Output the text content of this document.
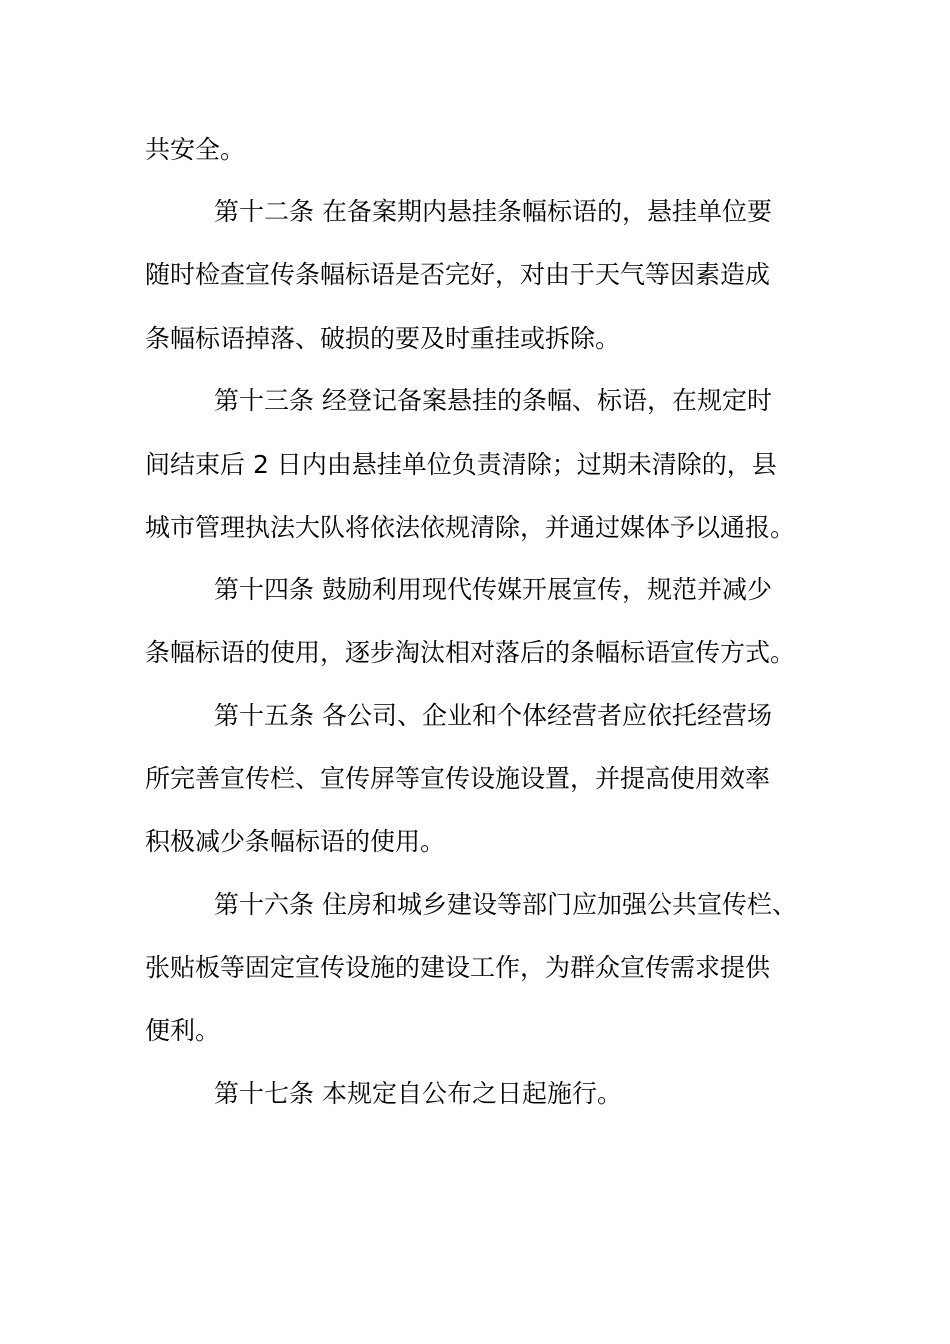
共安全。
第十二条 在备案期内悬挂条幅标语的，悬挂单位要
随时检查宣传条幅标语是否完好，对由于天气等因素造成
条幅标语掉落、破损的要及时重挂或拆除。
第十三条 经登记备案悬挂的条幅、标语，在规定时
间结束后 2 日内由悬挂单位负责清除；过期未清除的，县
城市管理执法大队将依法依规清除，并通过媒体予以通报。
第十四条 鼓励利用现代传媒开展宣传，规范并减少
条幅标语的使用，逐步淘汰相对落后的条幅标语宣传方式。
第十五条 各公司、企业和个体经营者应依托经营场
所完善宣传栏、宣传屏等宣传设施设置，并提高使用效率
积极减少条幅标语的使用。
第十六条 住房和城乡建设等部门应加强公共宣传栏、
张贴板等固定宣传设施的建设工作，为群众宣传需求提供
便利。
第十七条 本规定自公布之日起施行。
